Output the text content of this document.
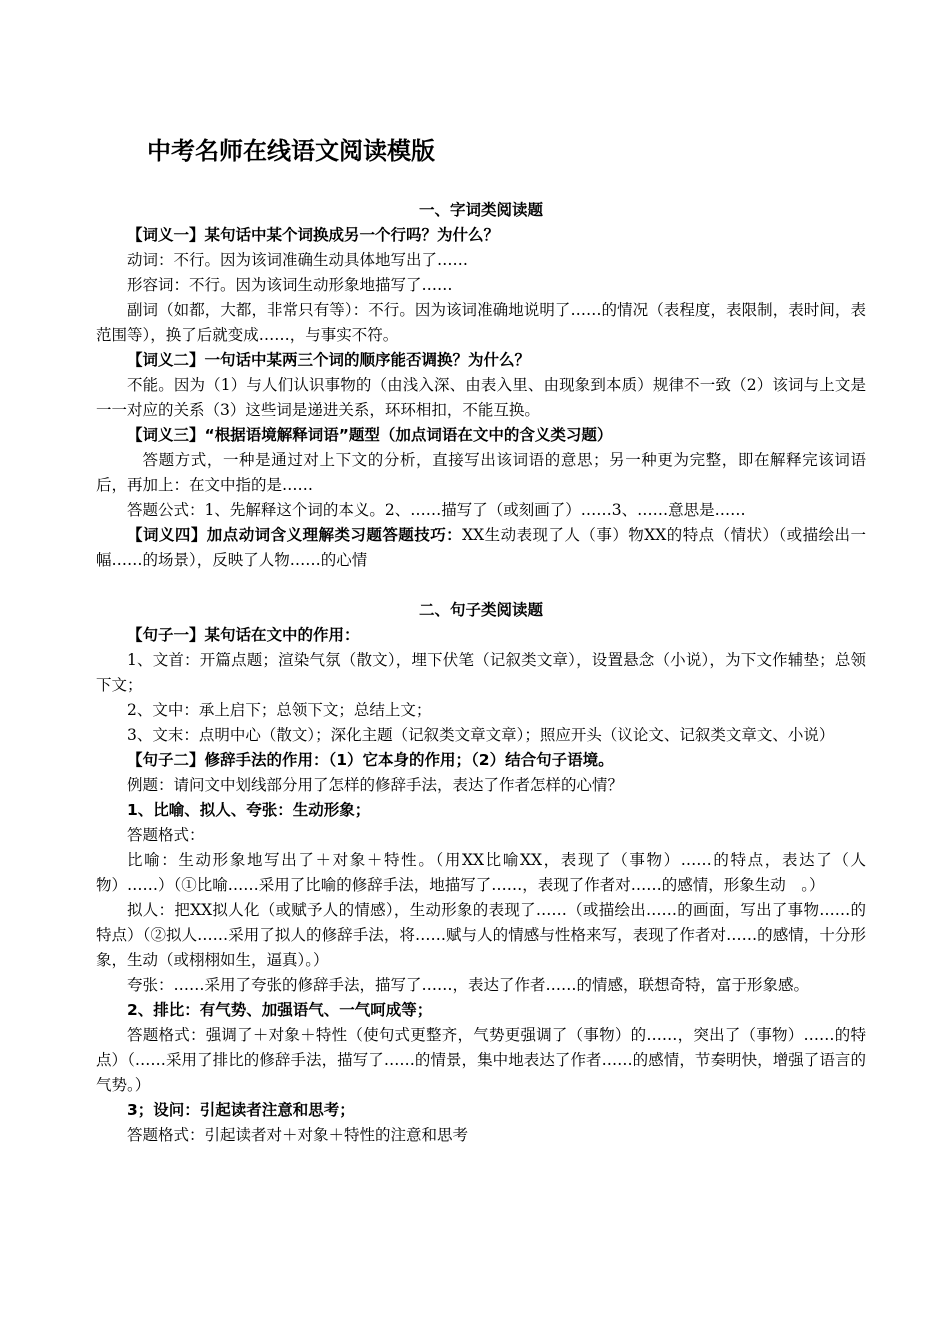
中考名师在线语文阅读模版
一、字词类阅读题

【词义一】某句话中某个词换成另一个行吗？为什么？

动词：不行。因为该词准确生动具体地写出了……

形容词：不行。因为该词生动形象地描写了……

副词（如都，大都，非常只有等）：不行。因为该词准确地说明了……的情况（表程度，表限制，表时间，表范围等），换了后就变成……，与事实不符。

【词义二】一句话中某两三个词的顺序能否调换？为什么？

不能。因为（1）与人们认识事物的（由浅入深、由表入里、由现象到本质）规律不一致（2）该词与上文是一一对应的关系（3）这些词是递进关系，环环相扣，不能互换。

【词义三】“根据语境解释词语”题型（加点词语在文中的含义类习题）

答题方式，一种是通过对上下文的分析，直接写出该词语的意思；另一种更为完整，即在解释完该词语后，再加上：在文中指的是……

答题公式：1、先解释这个词的本义。2、……描写了（或刻画了）……3、……意思是……

【词义四】加点动词含义理解类习题答题技巧：XX生动表现了人（事）物XX的特点（情状）（或描绘出一幅……的场景），反映了人物……的心情

二、句子类阅读题

【句子一】某句话在文中的作用：

1、文首：开篇点题；渲染气氛（散文），埋下伏笔（记叙类文章），设置悬念（小说），为下文作辅垫；总领下文；

2、文中：承上启下；总领下文；总结上文；

3、文末：点明中心（散文）；深化主题（记叙类文章文章）；照应开头（议论文、记叙类文章文、小说）

【句子二】修辞手法的作用：（1）它本身的作用；（2）结合句子语境。

例题：请问文中划线部分用了怎样的修辞手法，表达了作者怎样的心情？

1、比喻、拟人、夸张：生动形象；

答题格式：

比喻：生动形象地写出了＋对象＋特性。（用XX比喻XX，表现了（事物）……的特点，表达了（人物）……）（①比喻……采用了比喻的修辞手法，地描写了……，表现了作者对……的感情，形象生动　。）

拟人：把XX拟人化（或赋予人的情感），生动形象的表现了……（或描绘出……的画面，写出了事物……的特点）（②拟人……采用了拟人的修辞手法，将……赋与人的情感与性格来写，表现了作者对……的感情，十分形象，生动（或栩栩如生，逼真）。）

夸张：……采用了夸张的修辞手法，描写了……，表达了作者……的情感，联想奇特，富于形象感。

2、排比：有气势、加强语气、一气呵成等；

答题格式：强调了＋对象＋特性（使句式更整齐，气势更强调了（事物）的……，突出了（事物）……的特点）（……采用了排比的修辞手法，描写了……的情景，集中地表达了作者……的感情，节奏明快，增强了语言的气势。）

3；设问：引起读者注意和思考；

答题格式：引起读者对＋对象＋特性的注意和思考
